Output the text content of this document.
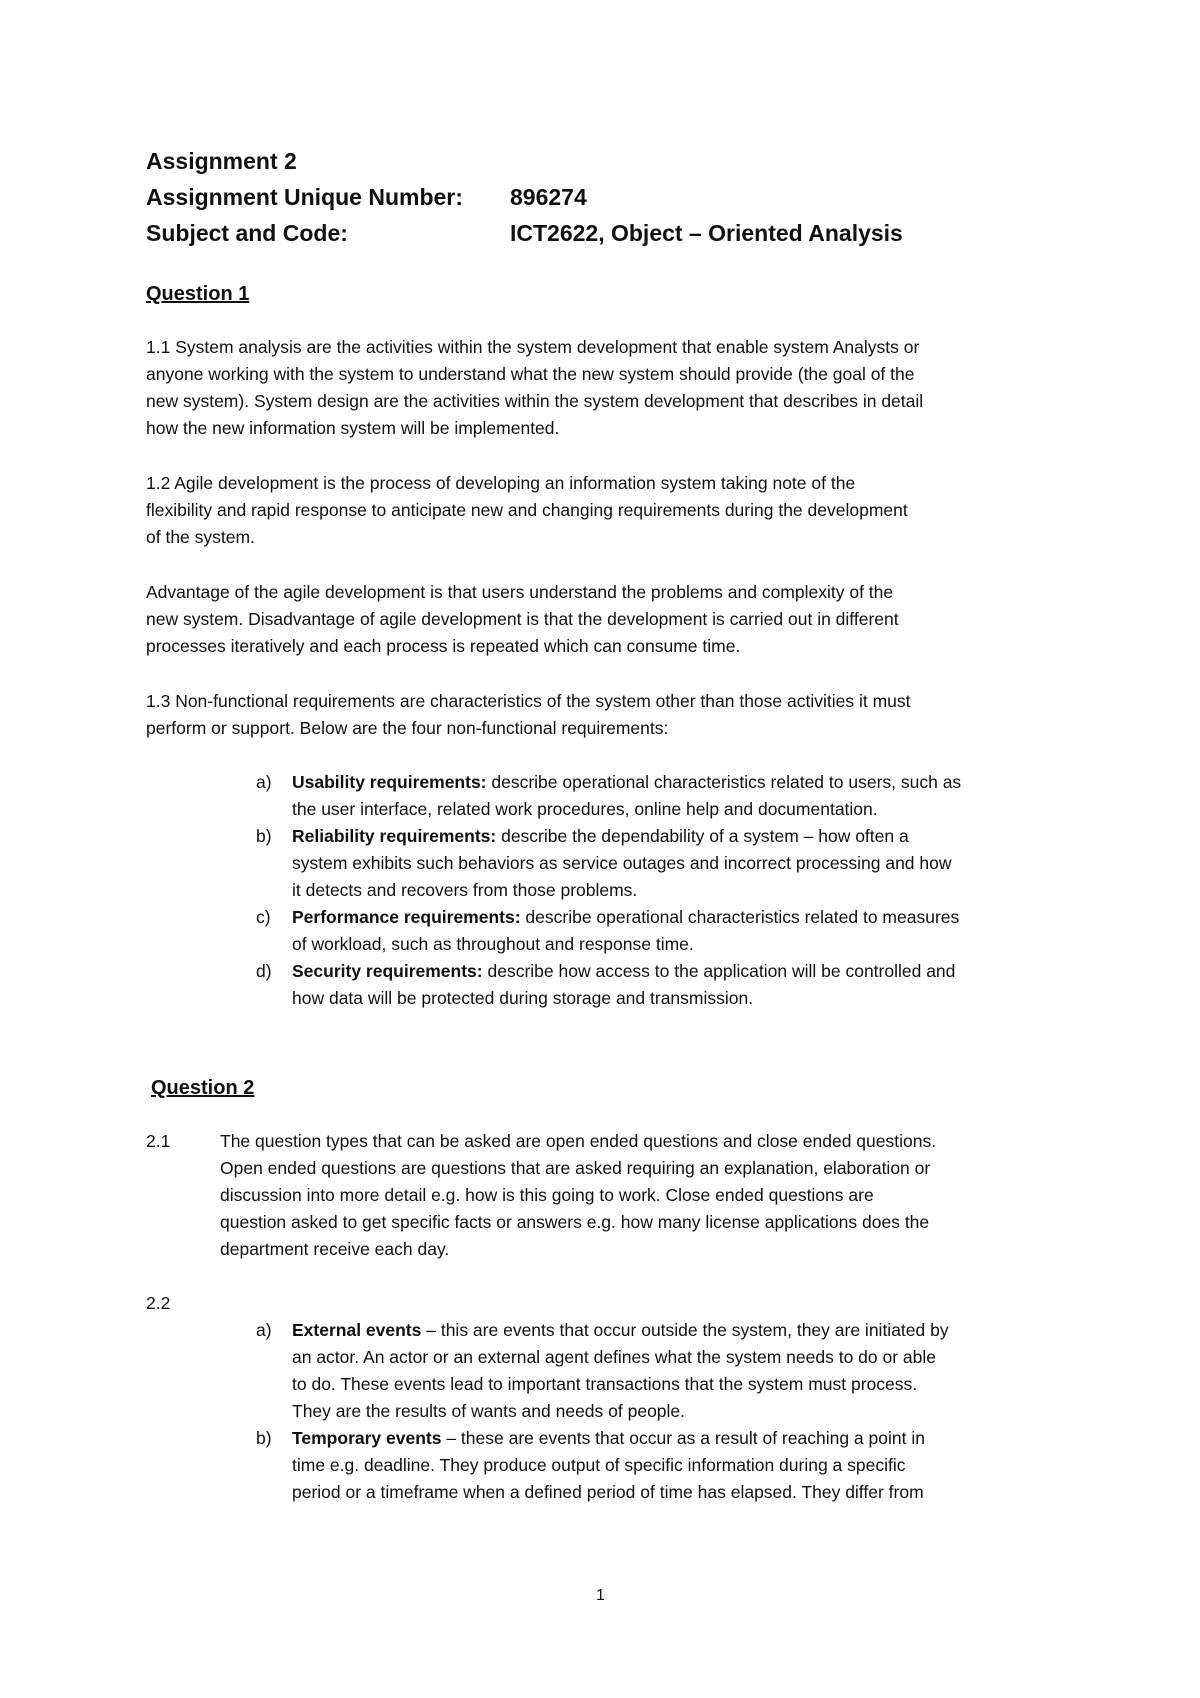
Assignment 2
Assignment Unique Number: 896274
Subject and Code:	ICT2622, Object – Oriented Analysis
Question 1
1.1 System analysis are the activities within the system development that enable system Analysts or
anyone working with the system to understand what the new system should provide (the goal of the
new system). System design are the activities within the system development that describes in detail
how the new information system will be implemented.
1.2 Agile development is the process of developing an information system taking note of the
flexibility and rapid response to anticipate new and changing requirements during the development
of the system.
Advantage of the agile development is that users understand the problems and complexity of the
new system. Disadvantage of agile development is that the development is carried out in different
processes iteratively and each process is repeated which can consume time.
1.3 Non-functional requirements are characteristics of the system other than those activities it must
perform or support. Below are the four non-functional requirements:
a)	Usability requirements: describe operational characteristics related to users, such as
the user interface, related work procedures, online help and documentation.
b)	Reliability requirements: describe the dependability of a system – how often a
system exhibits such behaviors as service outages and incorrect processing and how
it detects and recovers from those problems.
c)	Performance requirements: describe operational characteristics related to measures
of workload, such as throughout and response time.
d)	Security requirements: describe how access to the application will be controlled and
how data will be protected during storage and transmission.
Question 2
2.1	The question types that can be asked are open ended questions and close ended questions.
Open ended questions are questions that are asked requiring an explanation, elaboration or
discussion into more detail e.g. how is this going to work. Close ended questions are
question asked to get specific facts or answers e.g. how many license applications does the
department receive each day.
2.2
a)	External events – this are events that occur outside the system, they are initiated by
an actor. An actor or an external agent defines what the system needs to do or able
to do. These events lead to important transactions that the system must process.
They are the results of wants and needs of people.
b)	Temporary events – these are events that occur as a result of reaching a point in
time e.g. deadline. They produce output of specific information during a specific
period or a timeframe when a defined period of time has elapsed. They differ from
1
